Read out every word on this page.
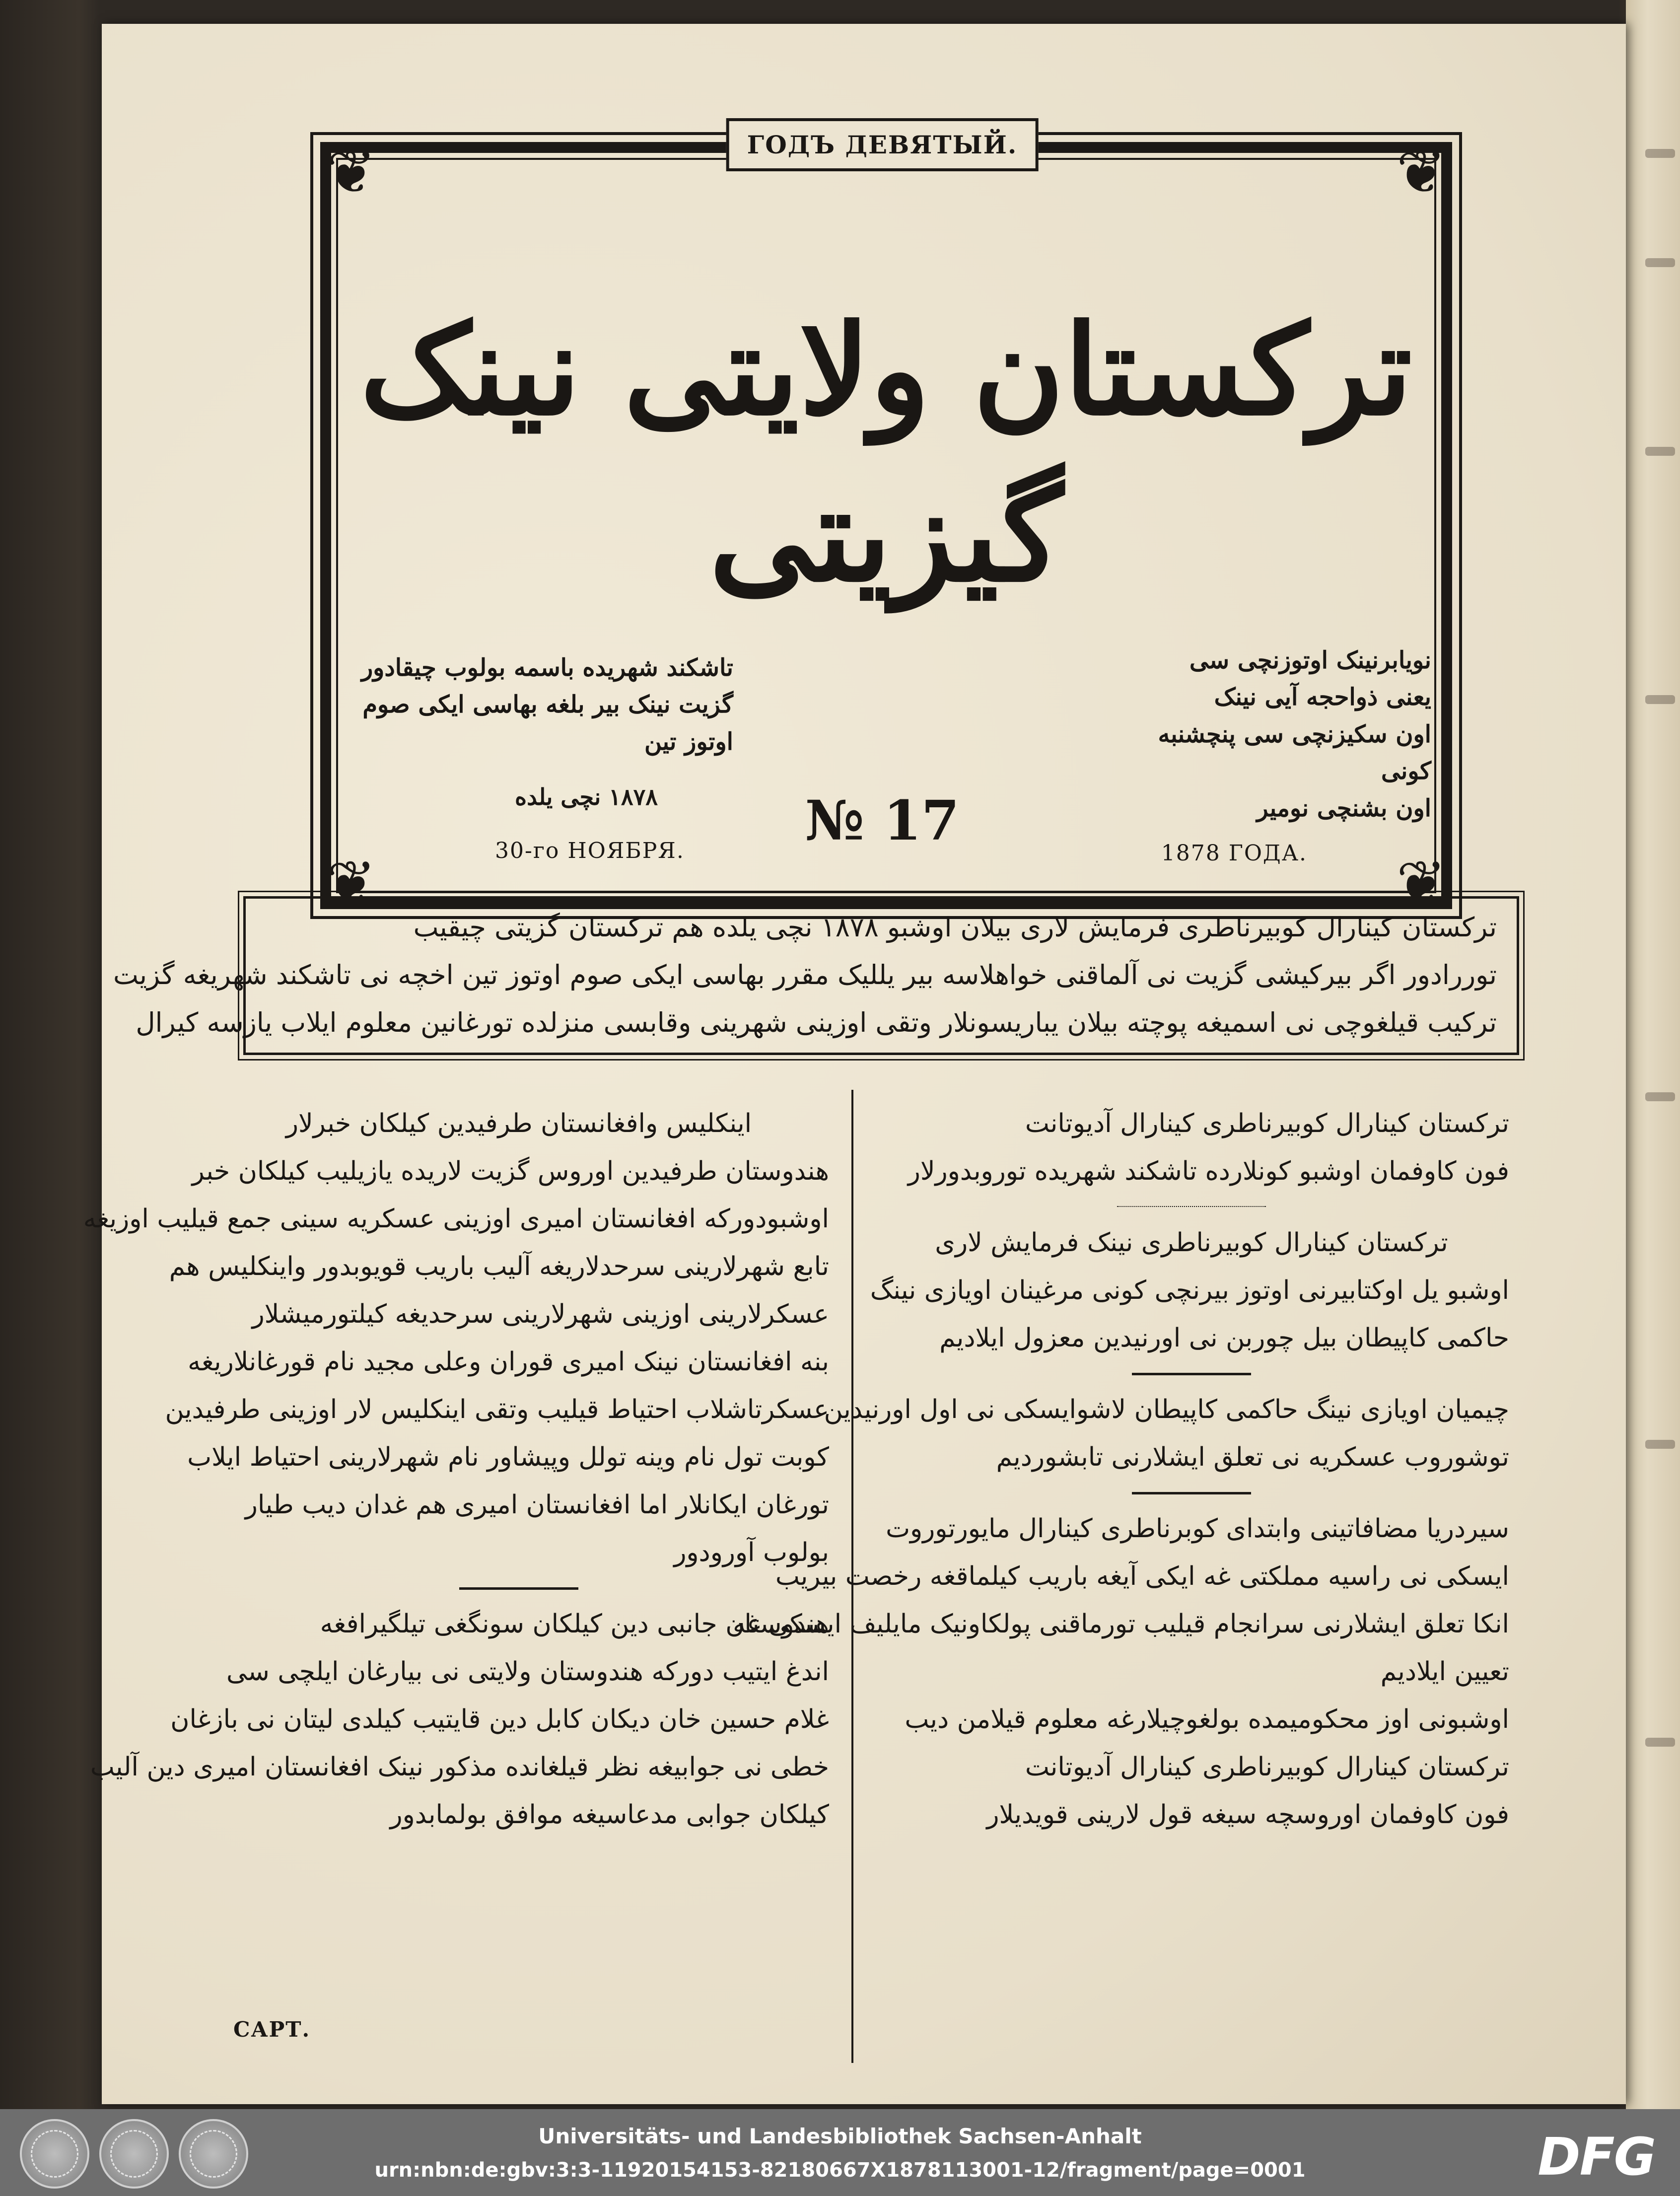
❦	❦
❦	❦
ГОДЪ ДЕВЯТЫЙ.
ترکستان ولایتی نینک
گیزیتی
نویابرنینک اوتوزنچی سی یعنی ذواحجه آیی نینک
اون سکیزنچی سی پنچشنبه کونی
اون بشنچی نومیر
تاشکند شهریده باسمه بولوب چیقادور
گزیت نینک بیر بلغه بهاسی ایکی صوم اوتوز تین
۱۸۷۸ نچی یلده	№ 17
30-го НОЯБРЯ.	1878 ГОДА.

ترکستان کینارال کوبیرناطری فرمایش لاری بیلان اوشبو ۱۸۷۸ نچی یلده هم ترکستان گزیتی چیقیب

توررادور اگر بیرکیشی گزیت نی آلماقنی خواهلاسه بیر یللیک مقرر بهاسی ایکی صوم اوتوز تین اخچه نی تاشکند شهریغه گزیت

ترکیب قیلغوچی نی اسمیغه پوچته بیلان یباریسونلار وتقی اوزینی شهرینی وقابسی منزلده تورغانین معلوم ایلاب یازسه کیرال

ترکستان کینارال کوبیرناطری کینارال آدیوتانت
فون کاوفمان اوشبو کونلارده تاشکند شهریده توروبدورلار
ترکستان کینارال کوبیرناطری نینک فرمایش لاری
اوشبو یل اوکتابیرنی اوتوز بیرنچی کونی مرغینان اویازی نینگ
حاکمی کاپیطان بیل چوربن نی اورنیدین معزول ایلادیم
چیمیان اویازی نینگ حاکمی کاپیطان لاشوایسکی نی اول اورنیدین
توشوروب عسکریه نی تعلق ایشلارنی تابشوردیم
سیردریا مضافاتینی وابتدای کوبرناطری کینارال مایورتوروت
ایسکی نی راسیه مملکتی غه ایکی آیغه باریب کیلماقغه رخصت بیریب
انکا تعلق ایشلارنی سرانجام قیلیب تورماقنی پولکاونیک مایلیف ایسکی غه
تعیین ایلادیم
اوشبونی اوز محکومیمده بولغوچیلارغه معلوم قیلامن دیب
ترکستان کینارال کوبیرناطری کینارال آدیوتانت
فون کاوفمان اوروسچه سیغه قول لارینی قویدیلار
اینکلیس وافغانستان طرفیدین کیلکان خبرلار
هندوستان طرفیدین اوروس گزیت لاریده یازیلیب کیلکان خبر
اوشبودورکه افغانستان امیری اوزینی عسکریه سینی جمع قیلیب اوزیغه
تابع شهرلارینی سرحدلاریغه آلیب باریب قویوبدور واینکلیس هم
عسکرلارینی اوزینی شهرلارینی سرحدیغه کیلتورمیشلار
بنه افغانستان نینک امیری قوران وعلی مجید نام قورغانلاریغه
عسکرتاشلاب احتیاط قیلیب وتقی اینکلیس لار اوزینی طرفیدین
کوبت تول نام وینه تولل وپیشاور نام شهرلارینی احتیاط ایلاب
تورغان ایکانلار اما افغانستان امیری هم غدان دیب طیار
بولوب آورودور
هندوستان جانبی دین کیلکان سونگغی تیلگیرافغه
اندغ ایتیب دورکه هندوستان ولایتی نی بیارغان ایلچی سی
غلام حسین خان دیکان کابل دین قایتیب کیلدی لیتان نی بازغان
خطی نی جوابیغه نظر قیلغانده مذکور نینک افغانستان امیری دین آلیب
کیلکان جوابی مدعاسیغه موافق بولمابدور
САРТ.
Universitäts- und Landesbibliothek Sachsen-Anhalt
urn:nbn:de:gbv:3:3-11920154153-82180667X1878113001-12/fragment/page=0001	DFG
